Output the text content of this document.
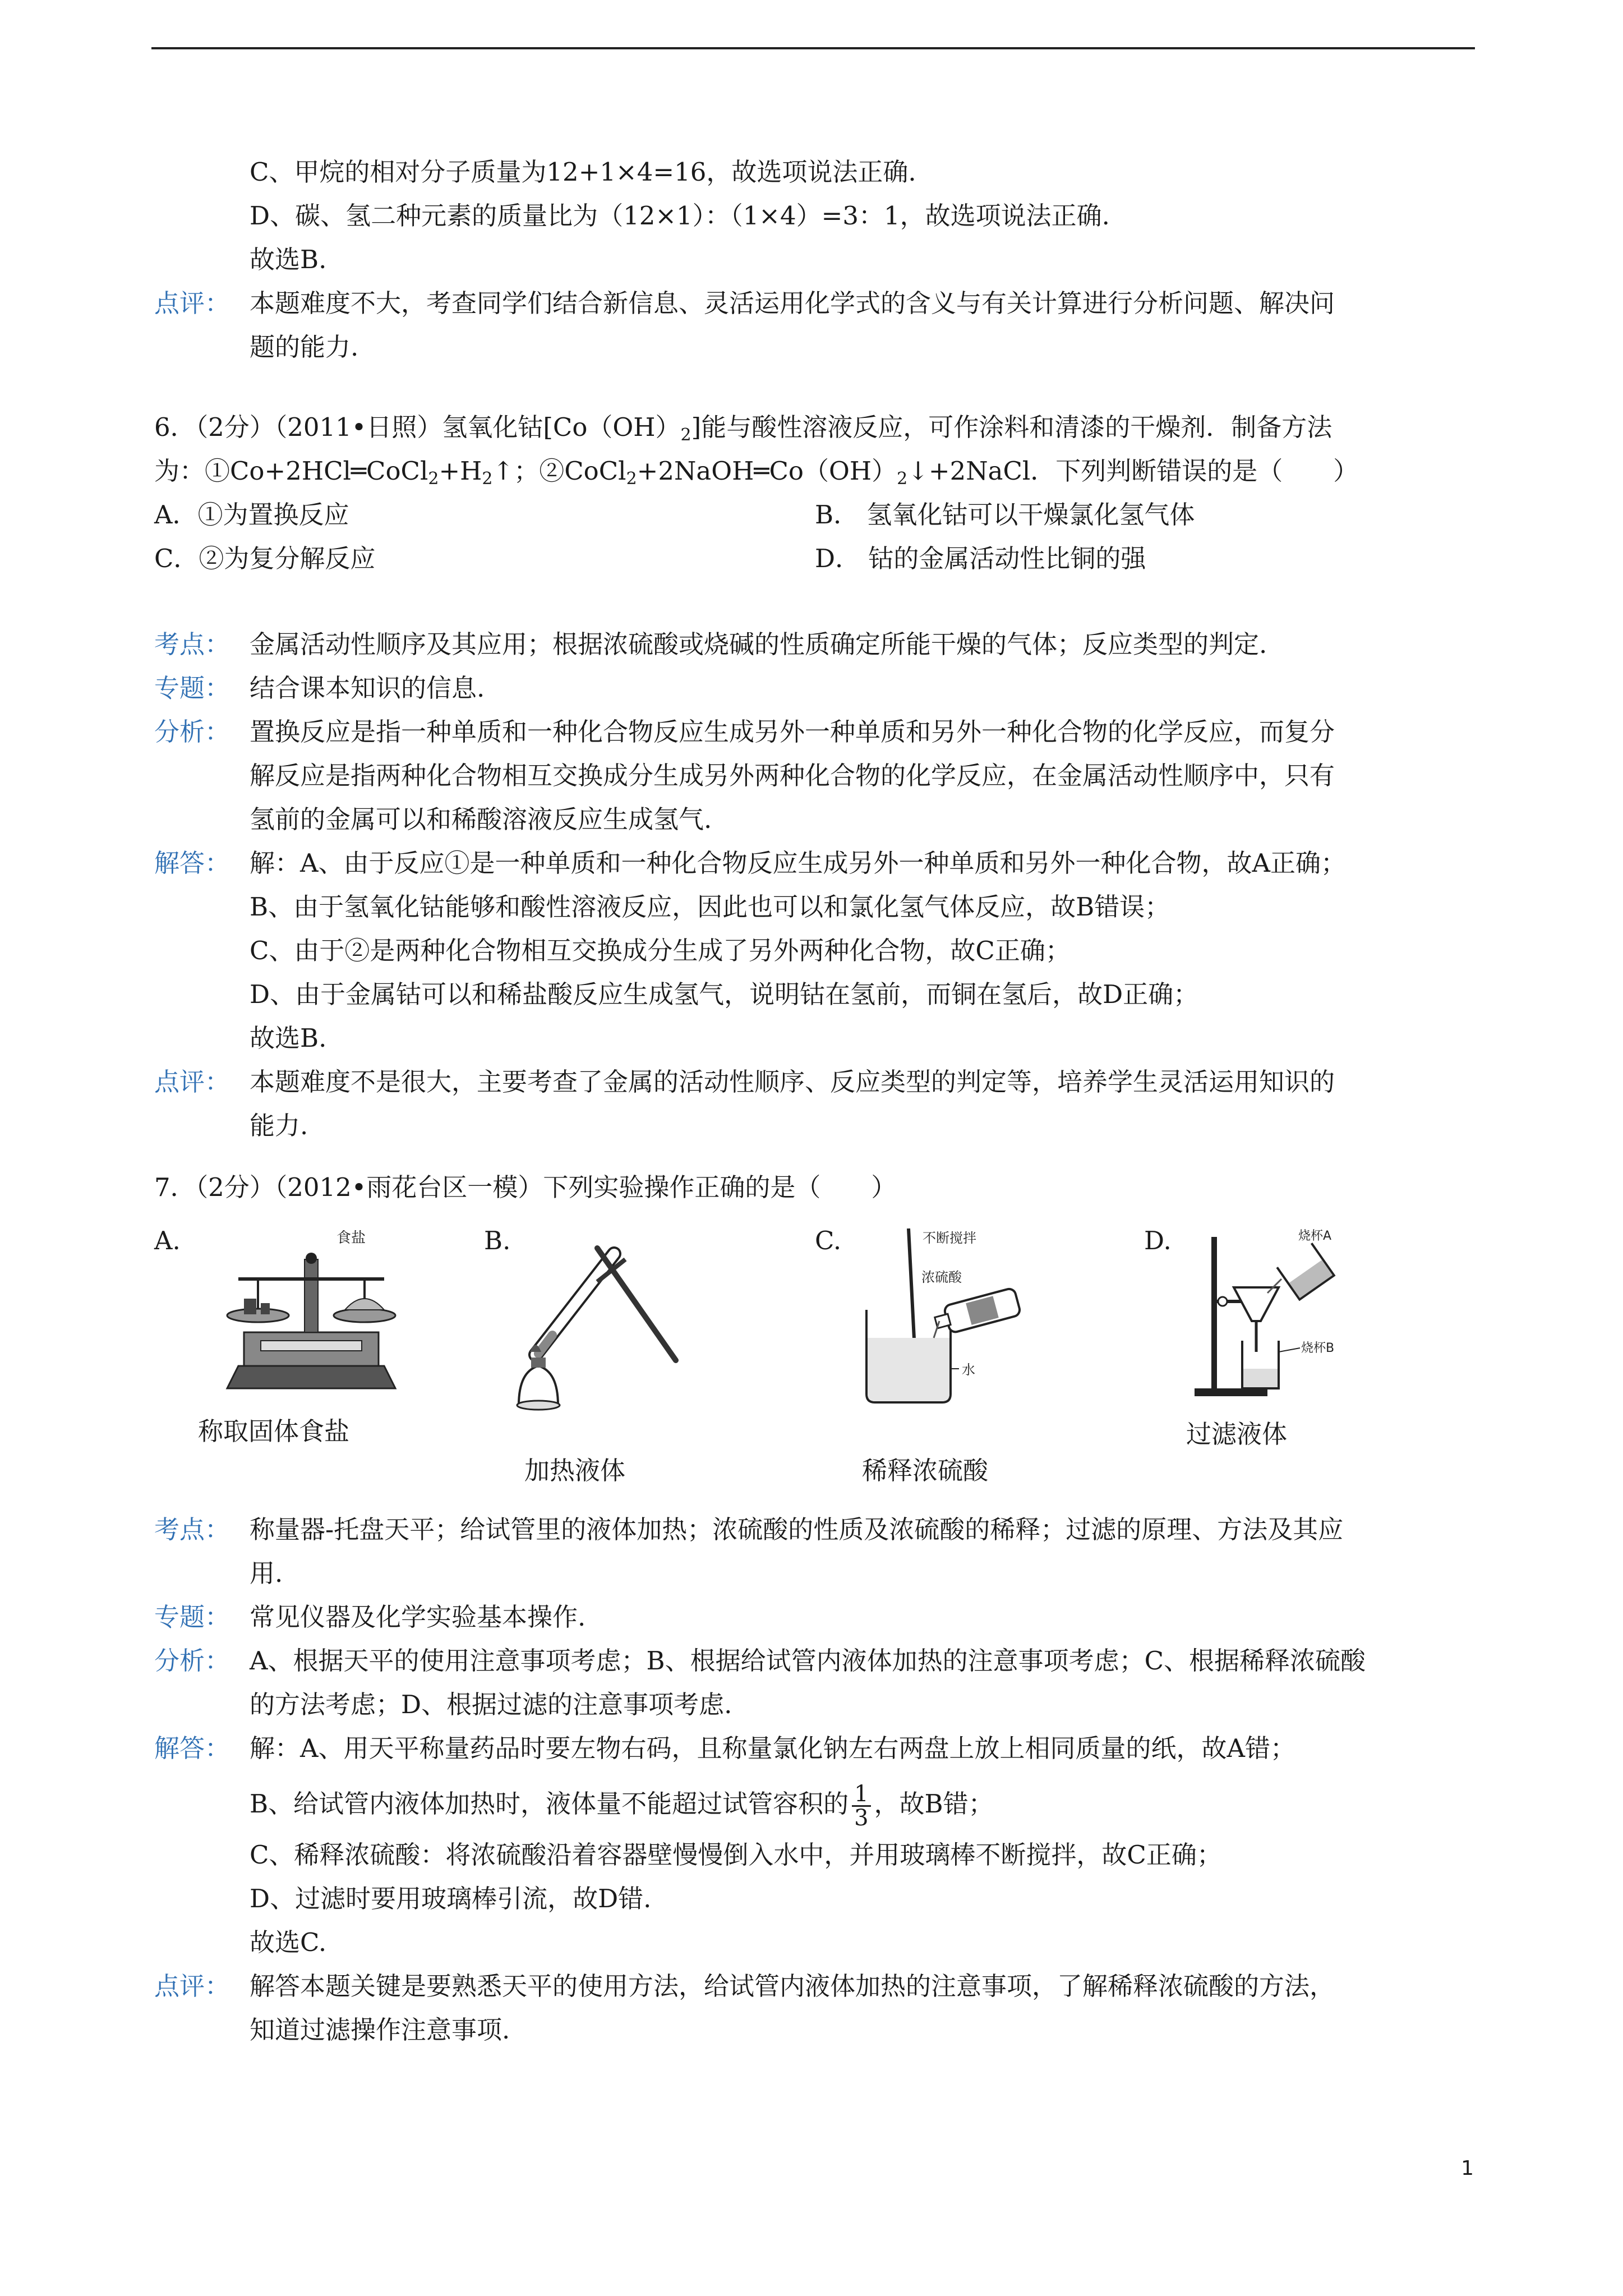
C、甲烷的相对分子质量为12+1×4=16，故选项说法正确.
D、碳、氢二种元素的质量比为（12×1）：（1×4）=3：1，故选项说法正确.
故选B.
点评： 本题难度不大，考查同学们结合新信息、灵活运用化学式的含义与有关计算进行分析问题、解决问
题的能力.
6．（2分）（2011•日照）氢氧化钴$[Co(OH)_2]$能与酸性溶液反应，可作涂料和清漆的干燥剂．制备方法
为：$①Co+2HCl═CoCl_2+H_2↑$；$②CoCl_2+2NaOH═Co(OH)_2↓+2NaCl$．下列判断错误的是（　　）
A．①为置换反应	B． 氢氧化钴可以干燥氯化氢气体
C．②为复分解反应	D． 钴的金属活动性比铜的强
考点： 金属活动性顺序及其应用；根据浓硫酸或烧碱的性质确定所能干燥的气体；反应类型的判定.
专题： 结合课本知识的信息.
分析： 置换反应是指一种单质和一种化合物反应生成另外一种单质和另外一种化合物的化学反应，而复分
解反应是指两种化合物相互交换成分生成另外两种化合物的化学反应，在金属活动性顺序中，只有
氢前的金属可以和稀酸溶液反应生成氢气.
解答： 解：A、由于反应①是一种单质和一种化合物反应生成另外一种单质和另外一种化合物，故A正确；
B、由于氢氧化钴能够和酸性溶液反应，因此也可以和氯化氢气体反应，故B错误；
C、由于②是两种化合物相互交换成分生成了另外两种化合物，故C正确；
D、由于金属钴可以和稀盐酸反应生成氢气，说明钴在氢前，而铜在氢后，故D正确；
故选B.
点评： 本题难度不是很大，主要考查了金属的活动性顺序、反应类型的判定等，培养学生灵活运用知识的
能力.
7．（2分）（2012•雨花台区一模）下列实验操作正确的是（　　）
A.	食盐
称取固体食盐
B.
加热液体
C.	不断搅拌
浓硫酸
水
稀释浓硫酸
D.	烧杯A
烧杯B
过滤液体
考点： 称量器-托盘天平；给试管里的液体加热；浓硫酸的性质及浓硫酸的稀释；过滤的原理、方法及其应
用.
专题： 常见仪器及化学实验基本操作.
分析： A、根据天平的使用注意事项考虑；B、根据给试管内液体加热的注意事项考虑；C、根据稀释浓硫酸
的方法考虑；D、根据过滤的注意事项考虑.
解答： 解：A、用天平称量药品时要左物右码，且称量氯化钠左右两盘上放上相同质量的纸，故A错；
B、给试管内液体加热时，液体量不能超过试管容积的 $\frac{1}{3}$ ，故B错；
C、稀释浓硫酸：将浓硫酸沿着容器壁慢慢倒入水中，并用玻璃棒不断搅拌，故C正确；
D、过滤时要用玻璃棒引流，故D错.
故选C.
点评： 解答本题关键是要熟悉天平的使用方法，给试管内液体加热的注意事项，了解稀释浓硫酸的方法，
知道过滤操作注意事项.
1
